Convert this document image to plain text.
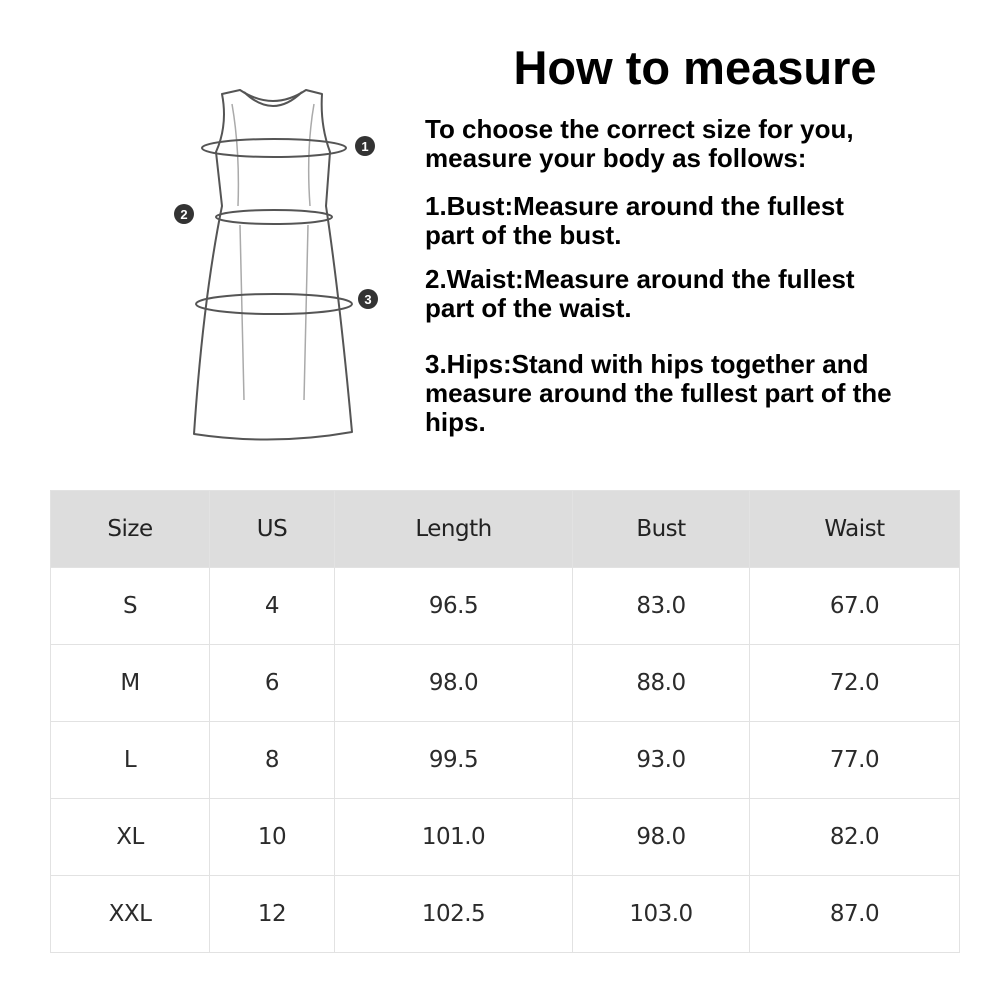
1
2
3
How to measure
To choose the correct size for you,
measure your body as follows:
1.Bust:Measure around the fullest
part of the bust.
2.Waist:Measure around the fullest
part of the waist.
3.Hips:Stand with hips together and
measure around the fullest part of the
hips.
Size	US	Length	Bust	Waist
S	4	96.5	83.0	67.0
M	6	98.0	88.0	72.0
L	8	99.5	93.0	77.0
XL	10	101.0	98.0	82.0
XXL	12	102.5	103.0	87.0
